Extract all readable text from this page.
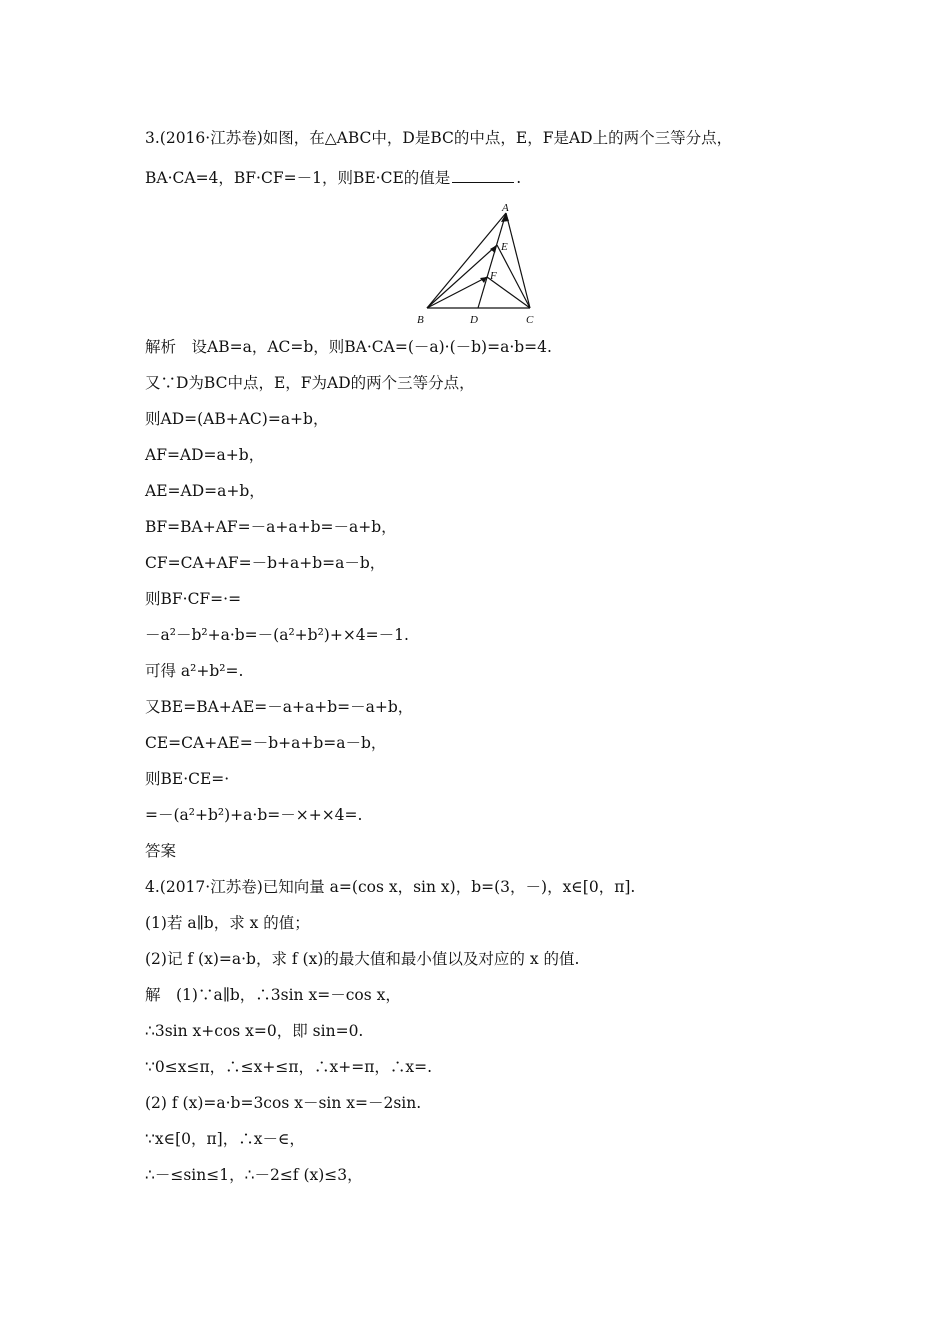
3.(2016·江苏卷)如图，在△ABC中，D是BC的中点，E，F是AD上的两个三等分点，
BA·CA=4，BF·CF=－1，则BE·CE的值是	.
A
E
F
B	D	C
解析　设AB=a，AC=b，则BA·CA=(－a)·(－b)=a·b=4.
又∵D为BC中点，E，F为AD的两个三等分点，
则AD=(AB+AC)=a+b，
AF=AD=a+b，
AE=AD=a+b，
BF=BA+AF=－a+a+b=－a+b，
CF=CA+AF=－b+a+b=a－b，
则BF·CF=·=
－a²－b²+a·b=－(a²+b²)+×4=－1.
可得 a²+b²=.
又BE=BA+AE=－a+a+b=－a+b，
CE=CA+AE=－b+a+b=a－b，
则BE·CE=·
=－(a²+b²)+a·b=－×+×4=.
答案
4.(2017·江苏卷)已知向量 a=(cos x，sin x)，b=(3，－)，x∈[0，π].
(1)若 a∥b，求 x 的值；
(2)记 f (x)=a·b，求 f (x)的最大值和最小值以及对应的 x 的值.
解　(1)∵a∥b，∴3sin x=－cos x，
∴3sin x+cos x=0，即 sin=0.
∵0≤x≤π，∴≤x+≤π，∴x+=π，∴x=.
(2) f (x)=a·b=3cos x－sin x=－2sin.
∵x∈[0，π]，∴x－∈，
∴－≤sin≤1，∴－2≤f (x)≤3，
